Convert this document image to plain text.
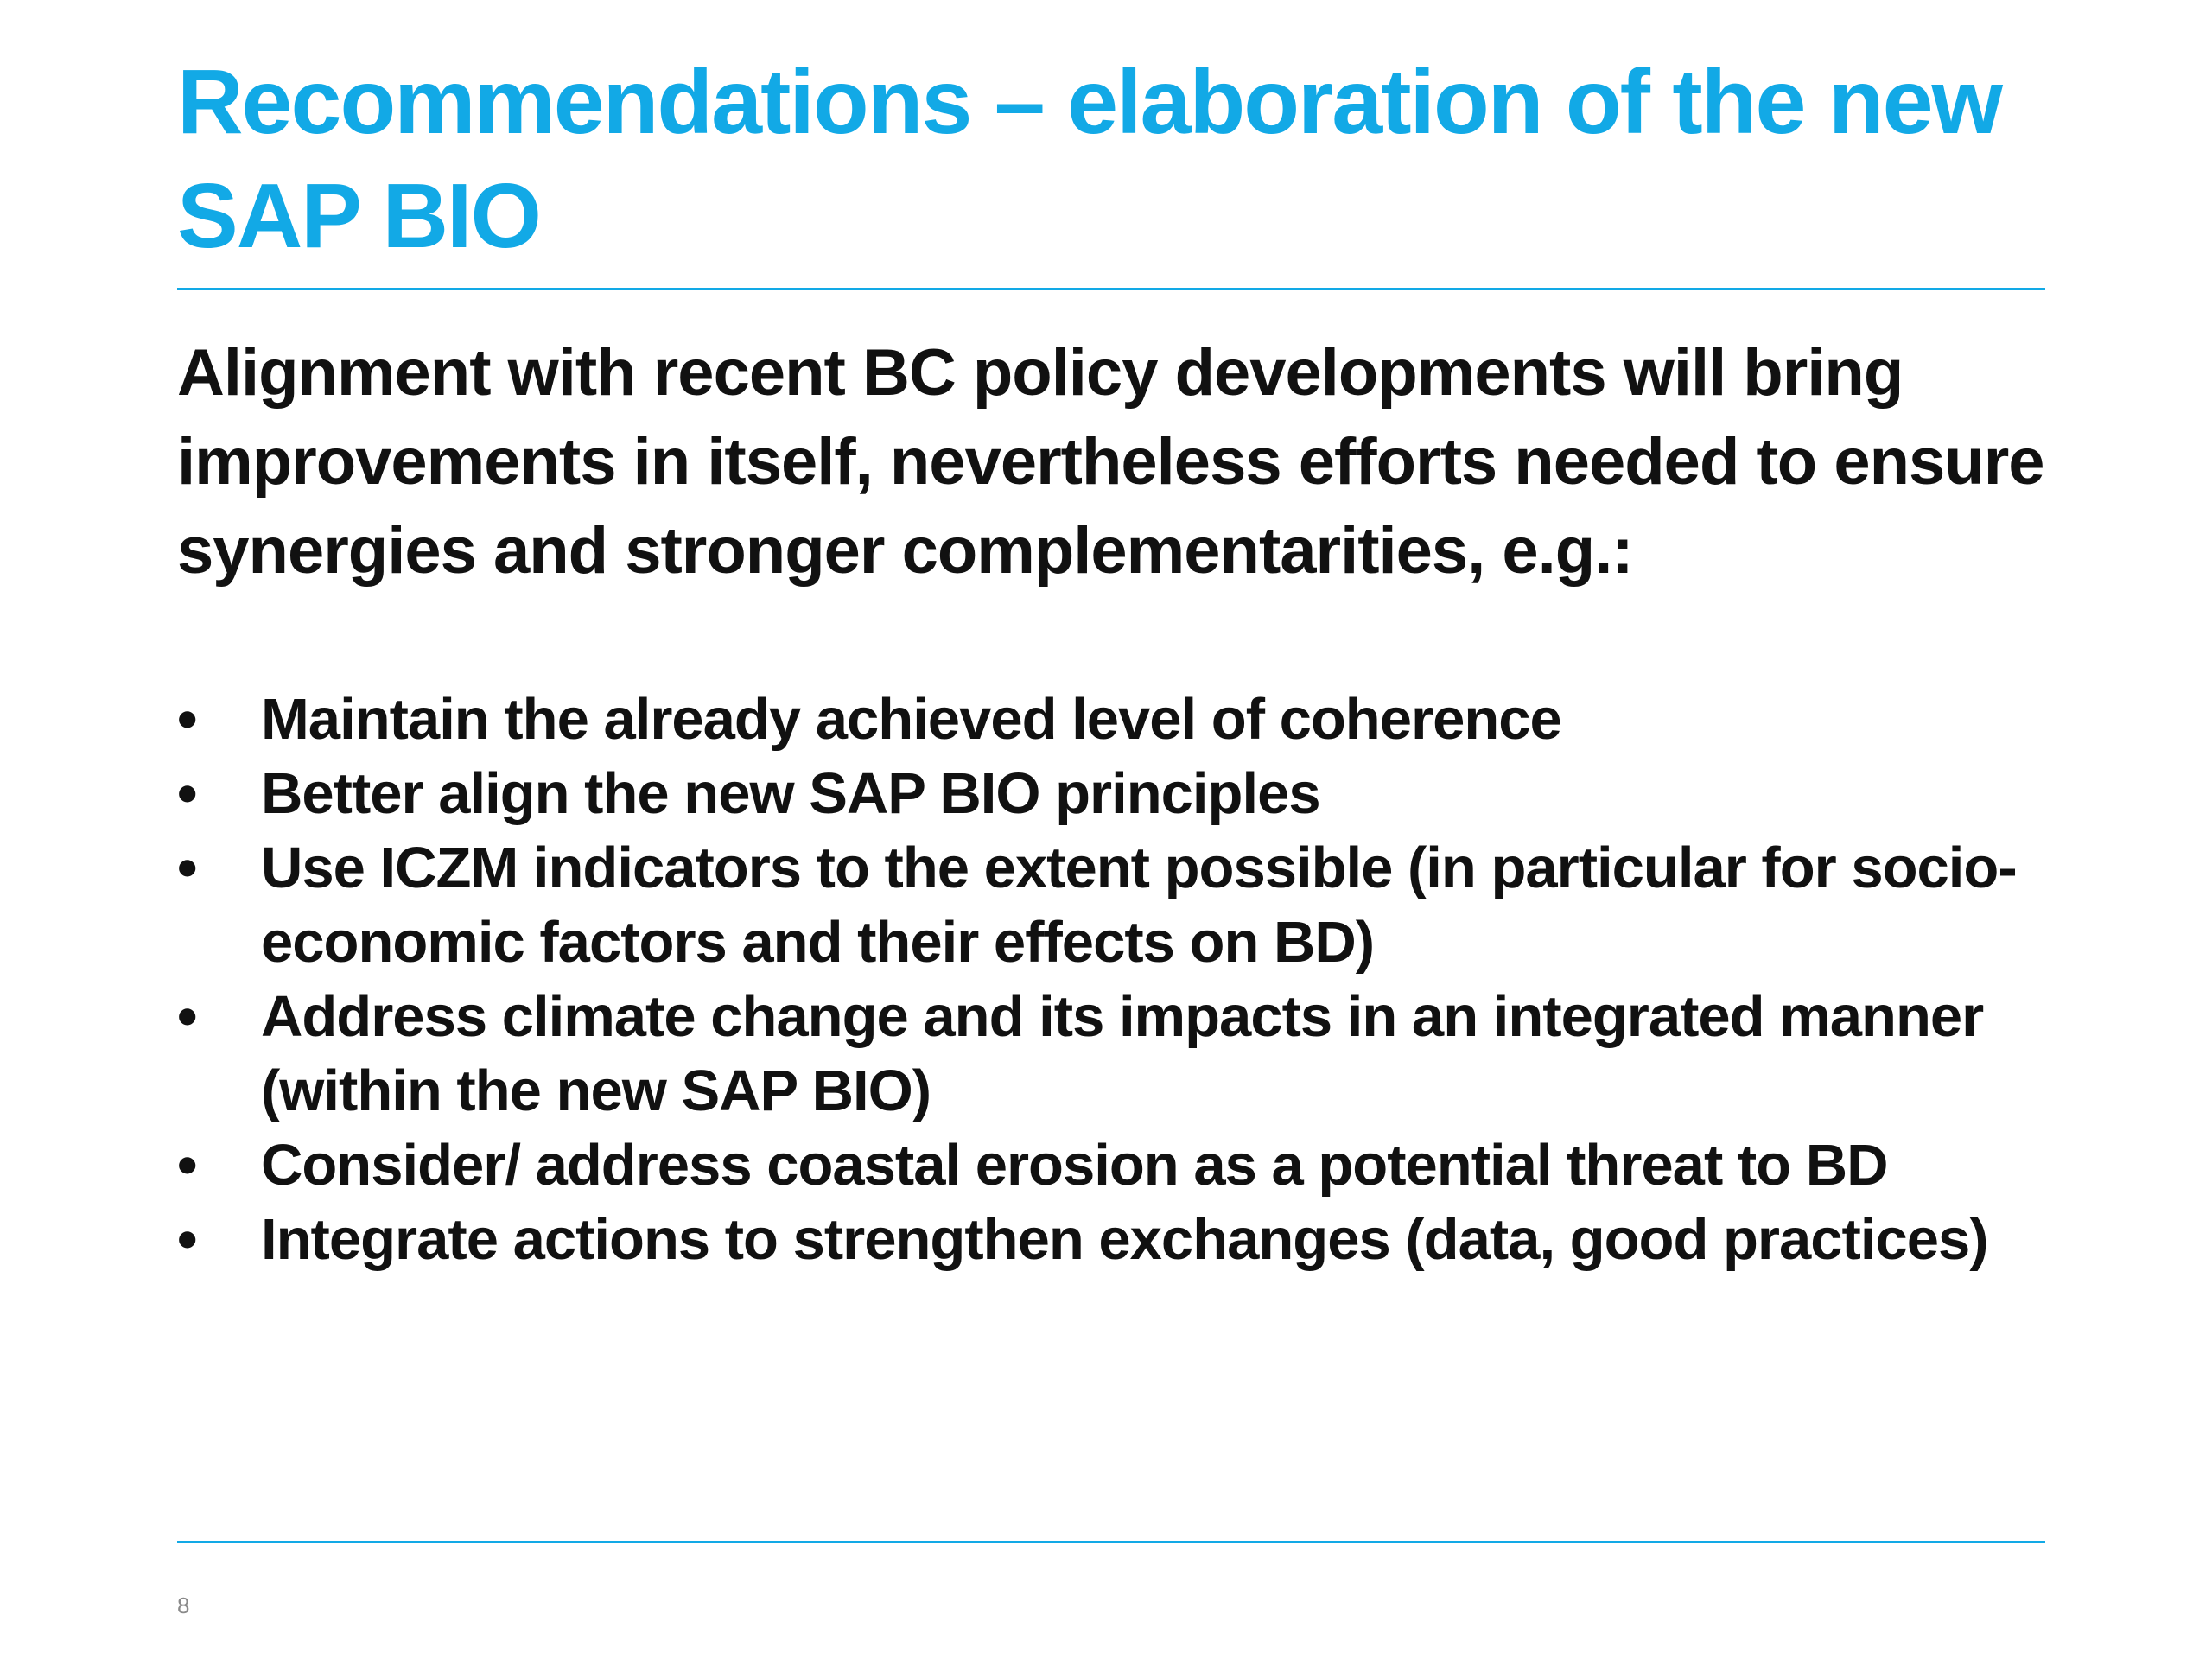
Recommendations – elaboration of the new SAP BIO

Alignment with recent BC policy developments will bring improvements in itself, nevertheless efforts needed to ensure synergies and stronger complementarities, e.g.:

• Maintain the already achieved level of coherence
• Better align the new SAP BIO principles
• Use ICZM indicators to the extent possible (in particular for socio-economic factors and their effects on BD)
• Address climate change and its impacts in an integrated manner (within the new SAP BIO)
• Consider/ address coastal erosion as a potential threat to BD
• Integrate actions to strengthen exchanges (data, good practices)
8
